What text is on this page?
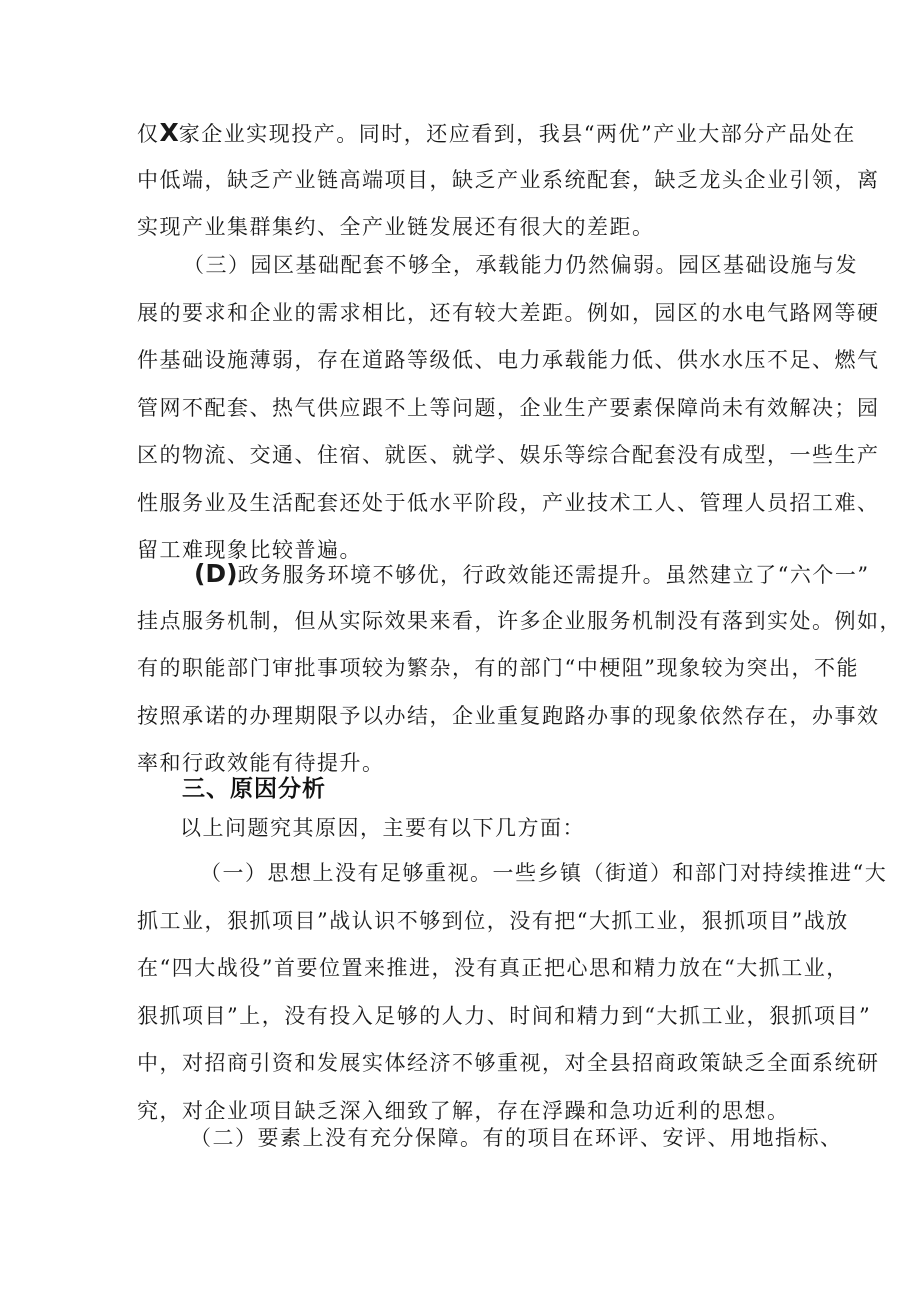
仅X家企业实现投产。同时，还应看到，我县“两优”产业大部分产品处在
中低端，缺乏产业链高端项目，缺乏产业系统配套，缺乏龙头企业引领，离
实现产业集群集约、全产业链发展还有很大的差距。
（三）园区基础配套不够全，承载能力仍然偏弱。园区基础设施与发
展的要求和企业的需求相比，还有较大差距。例如，园区的水电气路网等硬
件基础设施薄弱，存在道路等级低、电力承载能力低、供水水压不足、燃气
管网不配套、热气供应跟不上等问题，企业生产要素保障尚未有效解决；园
区的物流、交通、住宿、就医、就学、娱乐等综合配套没有成型，一些生产
性服务业及生活配套还处于低水平阶段，产业技术工人、管理人员招工难、
留工难现象比较普遍。
(D)政务服务环境不够优，行政效能还需提升。虽然建立了“六个一”
挂点服务机制，但从实际效果来看，许多企业服务机制没有落到实处。例如，
有的职能部门审批事项较为繁杂，有的部门“中梗阻”现象较为突出，不能
按照承诺的办理期限予以办结，企业重复跑路办事的现象依然存在，办事效
率和行政效能有待提升。
三、原因分析
以上问题究其原因，主要有以下几方面：
（一）思想上没有足够重视。一些乡镇（街道）和部门对持续推进“大
抓工业，狠抓项目”战认识不够到位，没有把“大抓工业，狠抓项目”战放
在“四大战役”首要位置来推进，没有真正把心思和精力放在“大抓工业，
狠抓项目”上，没有投入足够的人力、时间和精力到“大抓工业，狠抓项目”
中，对招商引资和发展实体经济不够重视，对全县招商政策缺乏全面系统研
究，对企业项目缺乏深入细致了解，存在浮躁和急功近利的思想。
（二）要素上没有充分保障。有的项目在环评、安评、用地指标、
